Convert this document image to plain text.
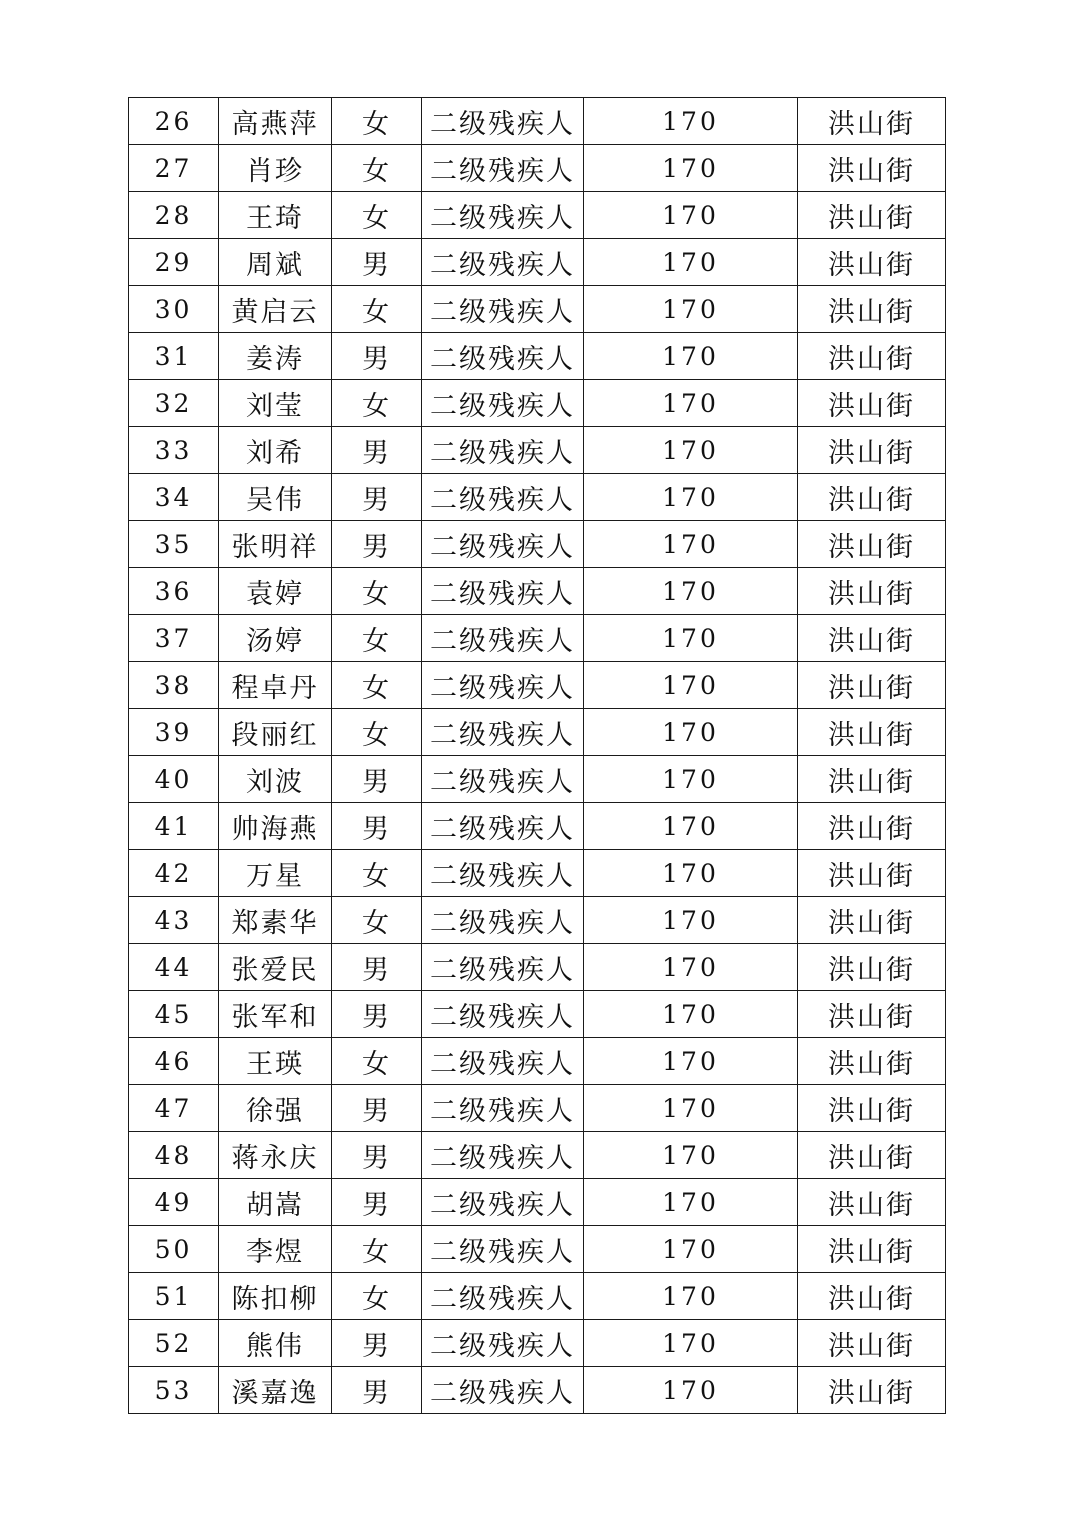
26	高燕萍	女	二级残疾人	170	洪山街
27	肖珍	女	二级残疾人	170	洪山街
28	王琦	女	二级残疾人	170	洪山街
29	周斌	男	二级残疾人	170	洪山街
30	黄启云	女	二级残疾人	170	洪山街
31	姜涛	男	二级残疾人	170	洪山街
32	刘莹	女	二级残疾人	170	洪山街
33	刘希	男	二级残疾人	170	洪山街
34	吴伟	男	二级残疾人	170	洪山街
35	张明祥	男	二级残疾人	170	洪山街
36	袁婷	女	二级残疾人	170	洪山街
37	汤婷	女	二级残疾人	170	洪山街
38	程卓丹	女	二级残疾人	170	洪山街
39	段丽红	女	二级残疾人	170	洪山街
40	刘波	男	二级残疾人	170	洪山街
41	帅海燕	男	二级残疾人	170	洪山街
42	万星	女	二级残疾人	170	洪山街
43	郑素华	女	二级残疾人	170	洪山街
44	张爱民	男	二级残疾人	170	洪山街
45	张军和	男	二级残疾人	170	洪山街
46	王瑛	女	二级残疾人	170	洪山街
47	徐强	男	二级残疾人	170	洪山街
48	蒋永庆	男	二级残疾人	170	洪山街
49	胡嵩	男	二级残疾人	170	洪山街
50	李煜	女	二级残疾人	170	洪山街
51	陈扣柳	女	二级残疾人	170	洪山街
52	熊伟	男	二级残疾人	170	洪山街
53	溪嘉逸	男	二级残疾人	170	洪山街
